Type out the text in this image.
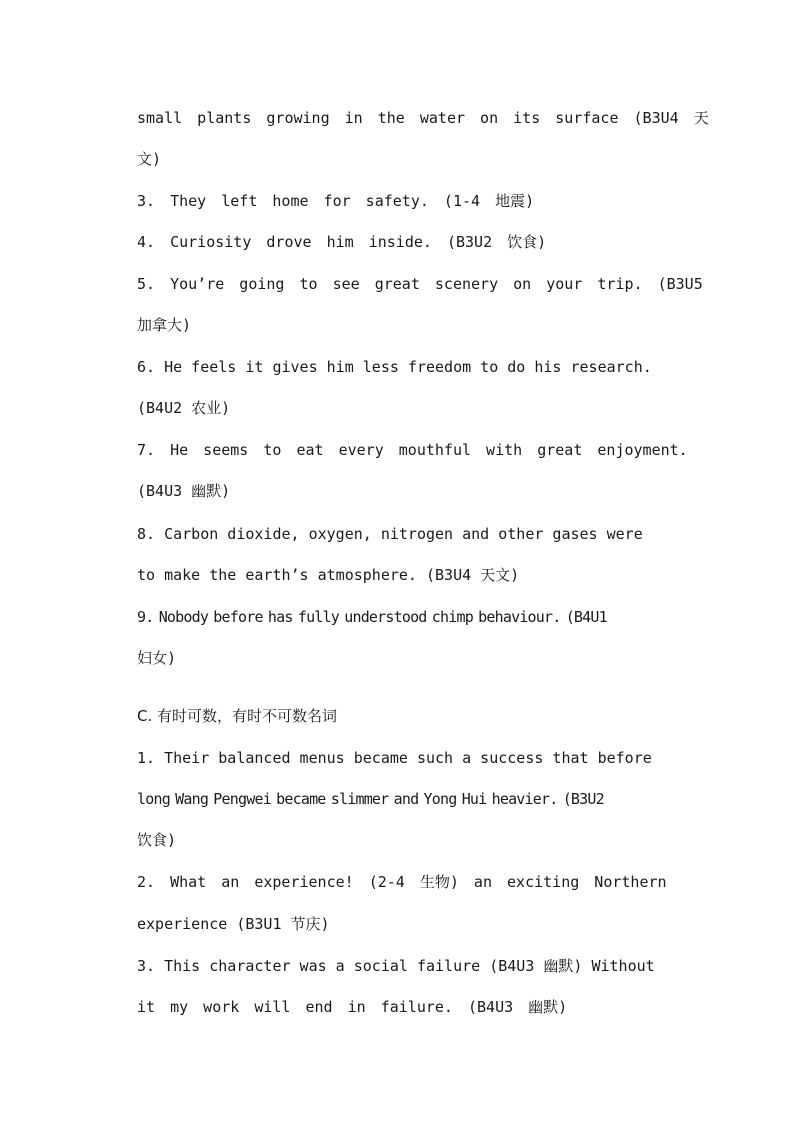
small plants growing in the water on its surface (B3U4 天
文)
3. They left home for safety. (1-4 地震)
4. Curiosity drove him inside. (B3U2 饮食)
5. You’re going to see great scenery on your trip. (B3U5
加拿大)
6. He feels it gives him less freedom to do his research.
(B4U2 农业)
7. He seems to eat every mouthful with great enjoyment.
(B4U3 幽默)
8. Carbon dioxide, oxygen, nitrogen and other gases were
to make the earth’s atmosphere. (B3U4 天文)
9. Nobody before has fully understood chimp behaviour. (B4U1
妇女)
C. 有时可数，有时不可数名词
1. Their balanced menus became such a success that before
long Wang Pengwei became slimmer and Yong Hui heavier. (B3U2
饮食)
2. What an experience! (2-4 生物) an exciting Northern
experience (B3U1 节庆)
3. This character was a social failure (B4U3 幽默) Without
it my work will end in failure. (B4U3 幽默)
